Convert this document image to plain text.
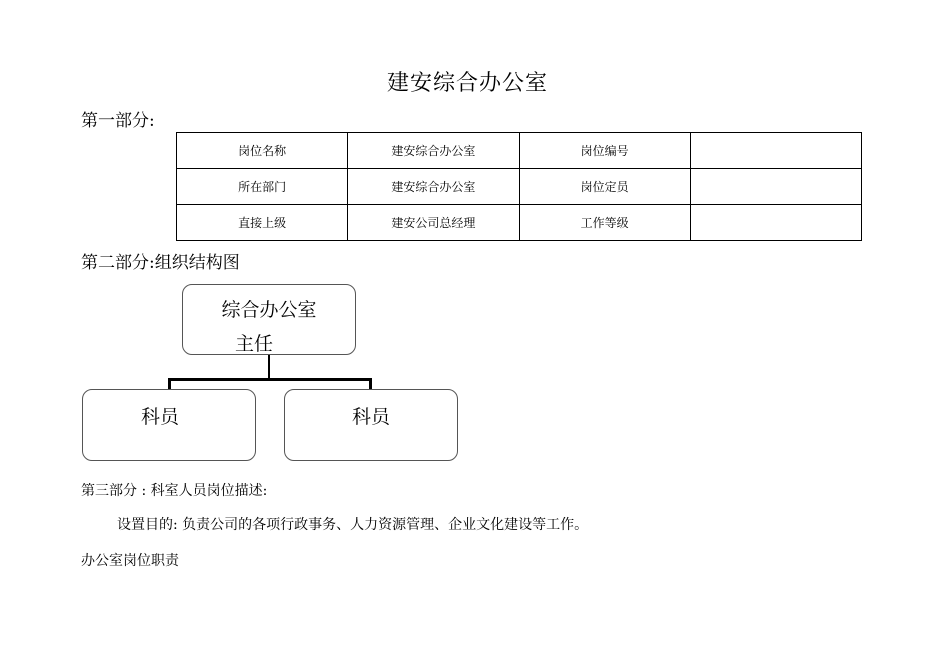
建安综合办公室
第一部分:
岗位名称	建安综合办公室	岗位编号	
所在部门	建安综合办公室	岗位定员	
直接上级	建安公司总经理	工作等级	
第二部分:组织结构图
综合办公室
主任
科员	科员
第三部分 : 科室人员岗位描述:
设置目的: 负责公司的各项行政事务、人力资源管理、企业文化建设等工作。
办公室岗位职责
